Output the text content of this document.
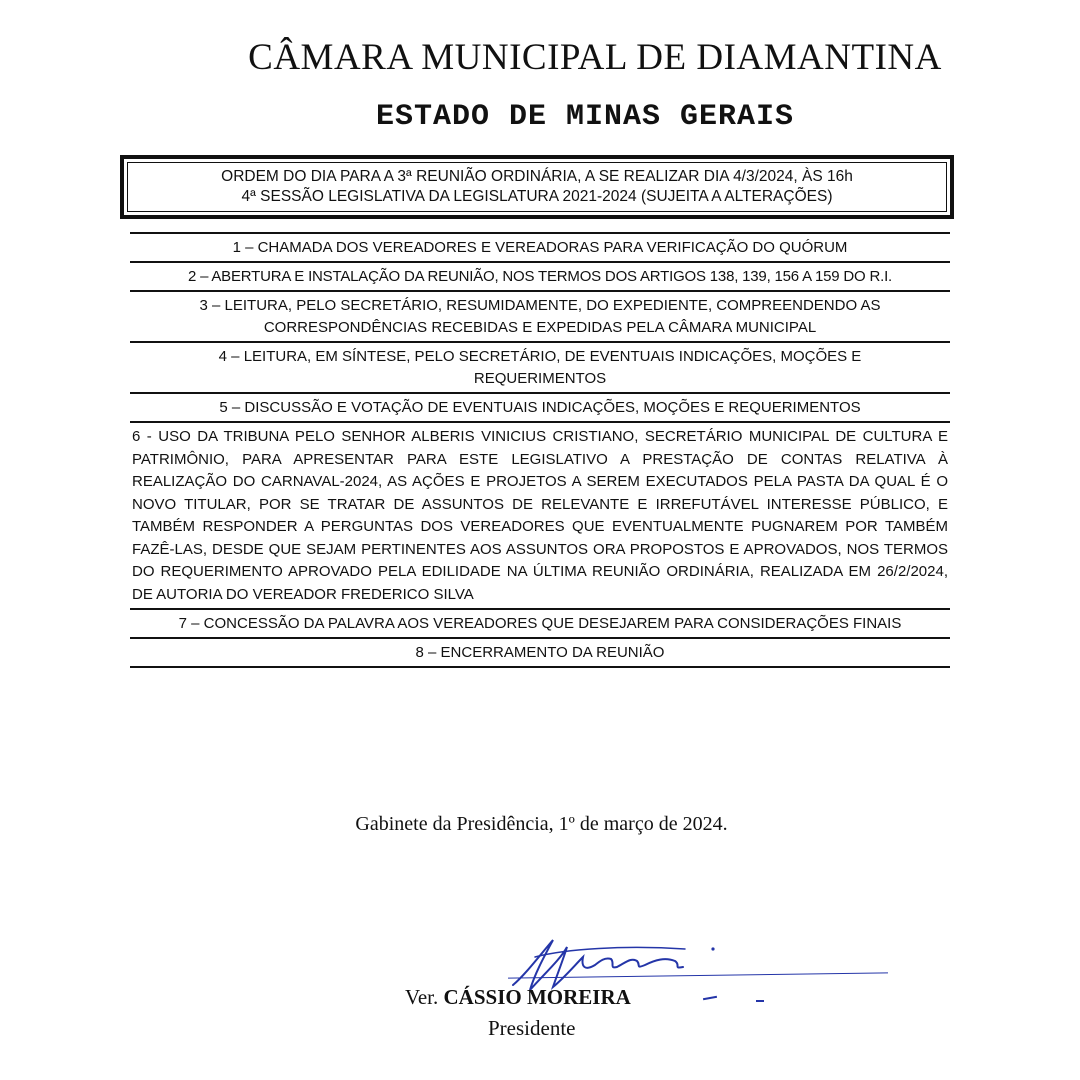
CÂMARA MUNICIPAL DE DIAMANTINA
ESTADO DE MINAS GERAIS
ORDEM DO DIA PARA A 3ª REUNIÃO ORDINÁRIA, A SE REALIZAR DIA 4/3/2024, ÀS 16h
4ª SESSÃO LEGISLATIVA DA LEGISLATURA 2021-2024 (SUJEITA A ALTERAÇÕES)
1 – CHAMADA DOS VEREADORES E VEREADORAS PARA VERIFICAÇÃO DO QUÓRUM
2 – ABERTURA E INSTALAÇÃO DA REUNIÃO, NOS TERMOS DOS ARTIGOS 138, 139, 156 A 159 DO R.I.
3 – LEITURA, PELO SECRETÁRIO, RESUMIDAMENTE, DO EXPEDIENTE, COMPREENDENDO AS CORRESPONDÊNCIAS RECEBIDAS E EXPEDIDAS PELA CÂMARA MUNICIPAL
4 – LEITURA, EM SÍNTESE, PELO SECRETÁRIO, DE EVENTUAIS INDICAÇÕES, MOÇÕES E REQUERIMENTOS
5 – DISCUSSÃO E VOTAÇÃO DE EVENTUAIS INDICAÇÕES, MOÇÕES E REQUERIMENTOS
6 - USO DA TRIBUNA PELO SENHOR ALBERIS VINICIUS CRISTIANO, SECRETÁRIO MUNICIPAL DE CULTURA E PATRIMÔNIO, PARA APRESENTAR PARA ESTE LEGISLATIVO A PRESTAÇÃO DE CONTAS RELATIVA À REALIZAÇÃO DO CARNAVAL-2024, AS AÇÕES E PROJETOS A SEREM EXECUTADOS PELA PASTA DA QUAL É O NOVO TITULAR, POR SE TRATAR DE ASSUNTOS DE RELEVANTE E IRREFUTÁVEL INTERESSE PÚBLICO, E TAMBÉM RESPONDER A PERGUNTAS DOS VEREADORES QUE EVENTUALMENTE PUGNAREM POR TAMBÉM FAZÊ-LAS, DESDE QUE SEJAM PERTINENTES AOS ASSUNTOS ORA PROPOSTOS E APROVADOS, NOS TERMOS DO REQUERIMENTO APROVADO PELA EDILIDADE NA ÚLTIMA REUNIÃO ORDINÁRIA, REALIZADA EM 26/2/2024, DE AUTORIA DO VEREADOR FREDERICO SILVA
7 – CONCESSÃO DA PALAVRA AOS VEREADORES QUE DESEJAREM PARA CONSIDERAÇÕES FINAIS
8 – ENCERRAMENTO DA REUNIÃO
Gabinete da Presidência, 1º de março de 2024.
Ver. CÁSSIO MOREIRA
Presidente
